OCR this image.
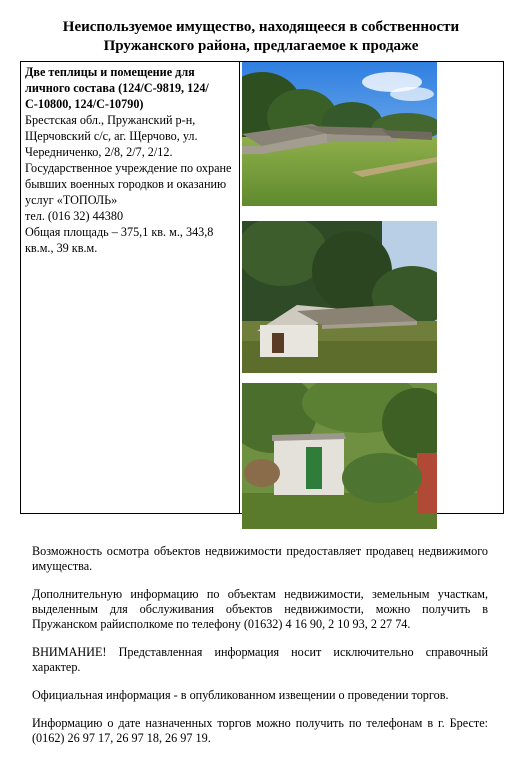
Неиспользуемое имущество, находящееся в собственности
Пружанского района, предлагаемое к продаже
Две теплицы и помещение для личного состава (124/С-9819, 124/С-10800, 124/С-10790)
Брестская обл., Пружанский р-н, Щерчовский с/с, аг. Щерчово, ул. Чередниченко, 2/8, 2/7, 2/12.
Государственное учреждение по охране бывших военных городков и оказанию услуг «ТОПОЛЬ»
тел. (016 32) 44380
Общая площадь – 375,1 кв. м., 343,8 кв.м., 39 кв.м.

Возможность осмотра объектов недвижимости предоставляет продавец недвижимого имущества.

Дополнительную информацию по объектам недвижимости, земельным участкам, выделенным для обслуживания объектов недвижимости, можно получить в Пружанском райисполкоме по телефону (01632) 4 16 90, 2 10 93, 2 27 74.

ВНИМАНИЕ! Представленная информация носит исключительно справочный характер.

Официальная информация - в опубликованном извещении о проведении торгов.

Информацию о дате назначенных торгов можно получить по телефонам в г. Бресте: (0162) 26 97 17, 26 97 18, 26 97 19.
